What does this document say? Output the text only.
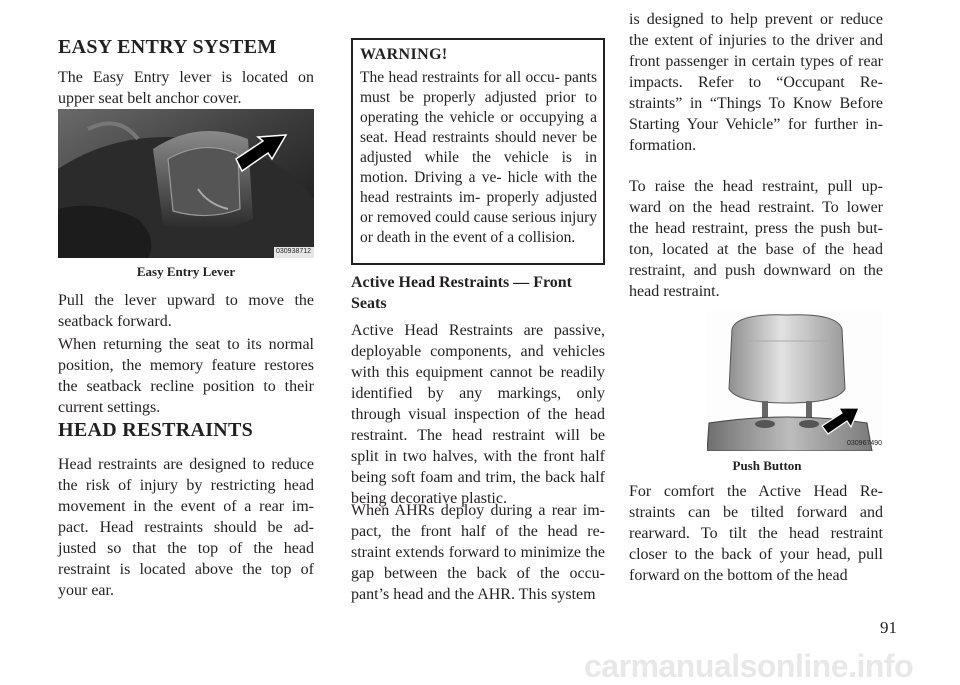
EASY ENTRY SYSTEM

The Easy Entry lever is located on upper seat belt anchor cover.

030938712
Easy Entry Lever

Pull the lever upward to move the seatback forward.

When returning the seat to its normal position, the memory feature restores the seatback recline position to their current settings.

HEAD RESTRAINTS

Head restraints are designed to reduce the risk of injury by restricting head movement in the event of a rear im- pact. Head restraints should be ad- justed so that the top of the head restraint is located above the top of your ear.

WARNING!

The head restraints for all occu- pants must be properly adjusted prior to operating the vehicle or occupying a seat. Head restraints should never be adjusted while the vehicle is in motion. Driving a ve- hicle with the head restraints im- properly adjusted or removed could cause serious injury or death in the event of a collision.

Active Head Restraints — Front Seats

Active Head Restraints are passive, deployable components, and vehicles with this equipment cannot be readily identified by any markings, only through visual inspection of the head restraint. The head restraint will be split in two halves, with the front half being soft foam and trim, the back half being decorative plastic.

When AHRs deploy during a rear im- pact, the front half of the head re- straint extends forward to minimize the gap between the back of the occu- pant’s head and the AHR. This system

is designed to help prevent or reduce the extent of injuries to the driver and front passenger in certain types of rear impacts. Refer to “Occupant Re- straints” in “Things To Know Before Starting Your Vehicle” for further in- formation.

To raise the head restraint, pull up- ward on the head restraint. To lower the head restraint, press the push but- ton, located at the base of the head restraint, and push downward on the head restraint.

030967490
Push Button

For comfort the Active Head Re- straints can be tilted forward and rearward. To tilt the head restraint closer to the back of your head, pull forward on the bottom of the head

91
carmanualsonline.info
